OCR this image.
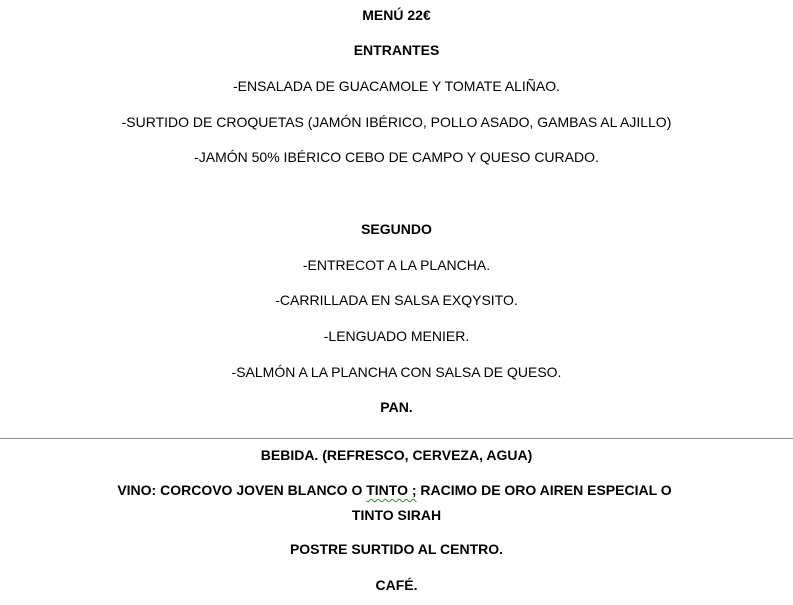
MENÚ 22€
ENTRANTES
-ENSALADA DE GUACAMOLE Y TOMATE ALIÑAO.
-SURTIDO DE CROQUETAS (JAMÓN IBÉRICO, POLLO ASADO, GAMBAS AL AJILLO)
-JAMÓN 50% IBÉRICO CEBO DE CAMPO Y QUESO CURADO.
SEGUNDO
-ENTRECOT A LA PLANCHA.
-CARRILLADA EN SALSA EXQYSITO.
-LENGUADO MENIER.
-SALMÓN A LA PLANCHA CON SALSA DE QUESO.
PAN.
BEBIDA. (REFRESCO, CERVEZA, AGUA)
VINO: CORCOVO JOVEN BLANCO O TINTO ; RACIMO DE ORO AIREN ESPECIAL O
TINTO SIRAH
POSTRE SURTIDO AL CENTRO.
CAFÉ.
